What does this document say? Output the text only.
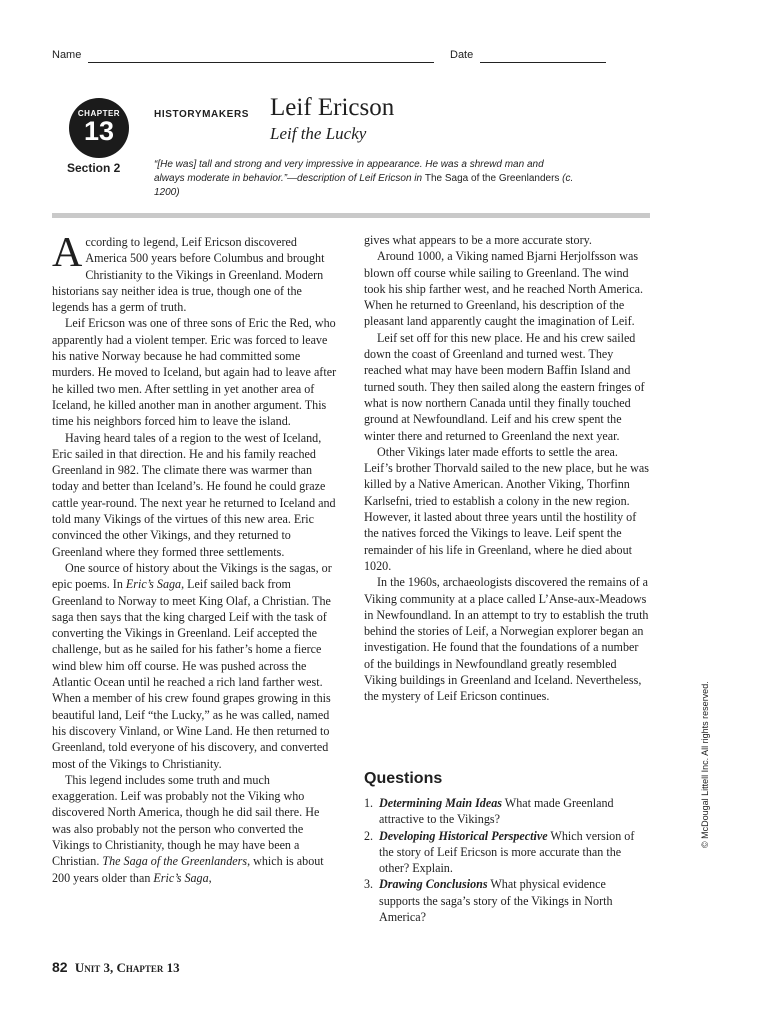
Name	Date
CHAPTER
13
Section 2
HISTORYMAKERS Leif Ericson
Leif the Lucky
“[He was] tall and strong and very impressive in appearance. He was a shrewd man and always moderate in behavior.”—description of Leif Ericson in The Saga of the Greenlanders (c. 1200)

According to legend, Leif Ericson discovered America 500 years before Columbus and brought Christianity to the Vikings in Greenland. Modern historians say neither idea is true, though one of the legends has a germ of truth.

Leif Ericson was one of three sons of Eric the Red, who apparently had a violent temper. Eric was forced to leave his native Norway because he had committed some murders. He moved to Iceland, but again had to leave after he killed two men. After settling in yet another area of Iceland, he killed another man in another argument. This time his neighbors forced him to leave the island.

Having heard tales of a region to the west of Iceland, Eric sailed in that direction. He and his family reached Greenland in 982. The climate there was warmer than today and better than Iceland’s. He found he could graze cattle year-round. The next year he returned to Iceland and told many Vikings of the virtues of this new area. Eric convinced the other Vikings, and they returned to Greenland where they formed three settlements.

One source of history about the Vikings is the sagas, or epic poems. In Eric’s Saga, Leif sailed back from Greenland to Norway to meet King Olaf, a Christian. The saga then says that the king charged Leif with the task of converting the Vikings in Greenland. Leif accepted the challenge, but as he sailed for his father’s home a fierce wind blew him off course. He was pushed across the Atlantic Ocean until he reached a rich land farther west. When a member of his crew found grapes growing in this beautiful land, Leif “the Lucky,” as he was called, named his discovery Vinland, or Wine Land. He then returned to Greenland, told everyone of his discovery, and converted most of the Vikings to Christianity.

This legend includes some truth and much exaggeration. Leif was probably not the Viking who discovered North America, though he did sail there. He was also probably not the person who converted the Vikings to Christianity, though he may have been a Christian. The Saga of the Greenlanders, which is about 200 years older than Eric’s Saga,

gives what appears to be a more accurate story.

Around 1000, a Viking named Bjarni Herjolfsson was blown off course while sailing to Greenland. The wind took his ship farther west, and he reached North America. When he returned to Greenland, his description of the pleasant land apparently caught the imagination of Leif.

Leif set off for this new place. He and his crew sailed down the coast of Greenland and turned west. They reached what may have been modern Baffin Island and turned south. They then sailed along the eastern fringes of what is now northern Canada until they finally touched ground at Newfoundland. Leif and his crew spent the winter there and returned to Greenland the next year.

Other Vikings later made efforts to settle the area. Leif’s brother Thorvald sailed to the new place, but he was killed by a Native American. Another Viking, Thorfinn Karlsefni, tried to establish a colony in the new region. However, it lasted about three years until the hostility of the natives forced the Vikings to leave. Leif spent the remainder of his life in Greenland, where he died about 1020.

In the 1960s, archaeologists discovered the remains of a Viking community at a place called L’Anse-aux-Meadows in Newfoundland. In an attempt to try to establish the truth behind the stories of Leif, a Norwegian explorer began an investigation. He found that the foundations of a number of the buildings in Newfoundland greatly resembled Viking buildings in Greenland and Iceland. Nevertheless, the mystery of Leif Ericson continues.

Questions
1. Determining Main Ideas What made Greenland attractive to the Vikings?
2. Developing Historical Perspective Which version of the story of Leif Ericson is more accurate than the other? Explain.
3. Drawing Conclusions What physical evidence supports the saga’s story of the Vikings in North America?
© McDougal Littell Inc. All rights reserved.
82 Unit 3, Chapter 13
